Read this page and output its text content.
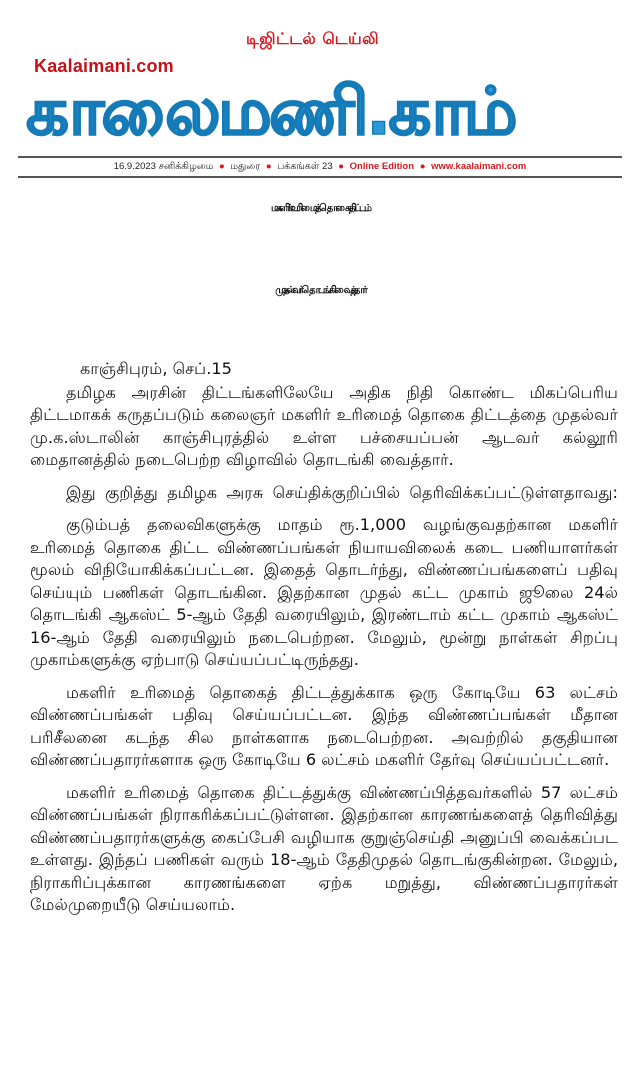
டிஜிட்டல் டெய்லி
Kaalaimani.com
காலைமணி.காம்
16.9.2023 சனிக்கிழமை ● மதுரை ● பக்கங்கள் 23 ● Online Edition ● www.kaalaimani.com
மகளிர் உரிமைத் தொகை திட்டம்
முதல்வர் தொடங்கி வைத்தார்

காஞ்சிபுரம், செப்.15

தமிழக அரசின் திட்டங்களிலேயே அதிக நிதி கொண்ட மிகப்பெரிய திட்டமாகக் கருதப்படும் கலைஞர் மகளிர் உரிமைத் தொகை திட்டத்தை முதல்வர் மு.க.ஸ்டாலின் காஞ்சிபுரத்தில் உள்ள பச்சையப்பன் ஆடவர் கல்லூரி மைதானத்தில் நடைபெற்ற விழாவில் தொடங்கி வைத்தார்.

இது குறித்து தமிழக அரசு செய்திக்குறிப்பில் தெரிவிக்கப்பட்டுள்ளதாவது:

குடும்பத் தலைவிகளுக்கு மாதம் ரூ.1,000 வழங்குவதற்கான மகளிர் உரிமைத் தொகை திட்ட விண்ணப்பங்கள் நியாயவிலைக் கடை பணியாளர்கள் மூலம் விநியோகிக்கப்பட்டன. இதைத் தொடர்ந்து, விண்ணப்பங்களைப் பதிவு செய்யும் பணிகள் தொடங்கின. இதற்கான முதல் கட்ட முகாம் ஜூலை 24ல் தொடங்கி ஆகஸ்ட் 5-ஆம் தேதி வரையிலும், இரண்டாம் கட்ட முகாம் ஆகஸ்ட் 16-ஆம் தேதி வரையிலும் நடைபெற்றன. மேலும், மூன்று நாள்கள் சிறப்பு முகாம்களுக்கு ஏற்பாடு செய்யப்பட்டிருந்தது.

மகளிர் உரிமைத் தொகைத் திட்டத்துக்காக ஒரு கோடியே 63 லட்சம் விண்ணப்பங்கள் பதிவு செய்யப்பட்டன. இந்த விண்ணப்பங்கள் மீதான பரிசீலனை கடந்த சில நாள்களாக நடைபெற்றன. அவற்றில் தகுதியான விண்ணப்பதாரர்களாக ஒரு கோடியே 6 லட்சம் மகளிர் தேர்வு செய்யப்பட்டனர்.

மகளிர் உரிமைத் தொகை திட்டத்துக்கு விண்ணப்பித்தவர்களில் 57 லட்சம் விண்ணப்பங்கள் நிராகரிக்கப்பட்டுள்ளன. இதற்கான காரணங்களைத் தெரிவித்து விண்ணப்பதாரர்களுக்கு கைப்பேசி வழியாக குறுஞ்செய்தி அனுப்பி வைக்கப்பட உள்ளது. இந்தப் பணிகள் வரும் 18-ஆம் தேதிமுதல் தொடங்குகின்றன. மேலும், நிராகரிப்புக்கான காரணங்களை ஏற்க மறுத்து, விண்ணப்பதாரர்கள் மேல்முறையீடு செய்யலாம்.
